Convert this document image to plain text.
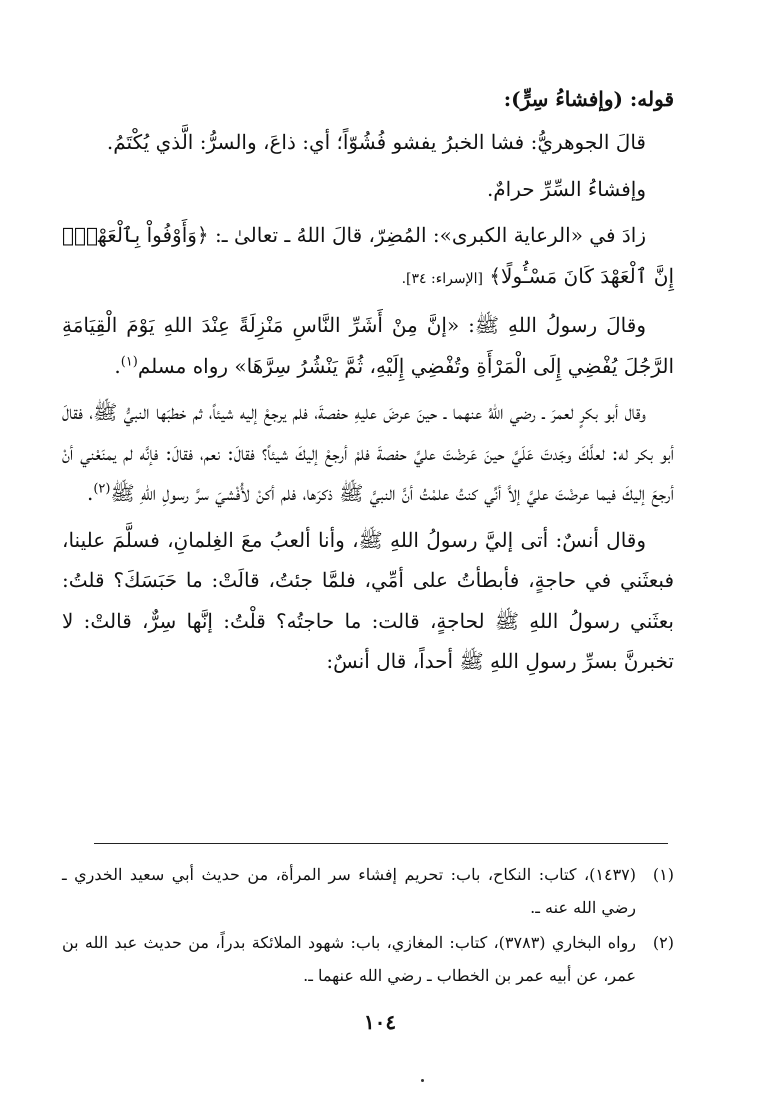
قوله: (وإفشاءُ سِرٍّ):

قالَ الجوهريُّ: فشا الخبرُ يفشو فُشُوّاً؛ أي: ذاعَ، والسرُّ: الَّذي يُكْتَمُ.

وإفشاءُ السِّرِّ حرامٌ.

زادَ في «الرعاية الكبرى»: المُضِرّ، قالَ اللهُ ـ تعالىٰ ـ: ﴿وَأَوْفُواْ بِٱلْعَهْدِۖ إِنَّ ٱلْعَهْدَ كَانَ مَسْـُٔولًا﴾ [الإسراء: ٣٤].

وقالَ رسولُ اللهِ ﷺ: «إنَّ مِنْ أَشَرِّ النَّاسِ مَنْزِلَةً عِنْدَ اللهِ يَوْمَ الْقِيَامَةِ الرَّجُلَ يُفْضِي إِلَى الْمَرْأَةِ وتُفْضِي إِلَيْهِ، ثُمَّ يَنْشُرُ سِرَّهَا» رواه مسلم$^{(١)}$.

وقال أبو بكرٍ لعمرَ ـ رضي اللهُ عنهما ـ حينَ عرضَ عليهِ حفصةَ، فلم يرجعْ إليه شيئاً، ثم خطبَها النبيُّ ﷺ، فقالَ أبو بكر له: لعلَّكَ وجَدتَ عَلَيَّ حينَ عَرضْتَ عليَّ حفصةَ فلمْ أرجعْ إليكَ شيئاً؟ فقالَ: نعم، فقالَ: فإنَّه لم يمنَعْني أنْ أرجعَ إليكَ فيما عرضْتَ عليَّ إلاَّ أنِّي كنتُ علمْتُ أنَّ النبيَّ ﷺ ذكرَها، فلم أكنْ لأُفْشيَ سرَّ رسولِ اللهِ ﷺ$^{(٢)}$.

وقال أنسٌ: أتى إليَّ رسولُ اللهِ ﷺ، وأنا ألعبُ معَ الغِلمانِ، فسلَّمَ علينا، فبعثَني في حاجةٍ، فأبطأتُ على أمِّي، فلمَّا جئتُ، قالَتْ: ما حَبَسَكَ؟ قلتُ: بعثَني رسولُ اللهِ ﷺ لحاجةٍ، قالت: ما حاجتُه؟ قلْتُ: إنَّها سِرٌّ، قالتْ: لا تخبرنَّ بسرِّ رسولِ اللهِ ﷺ أحداً، قال أنسٌ:

(١)
(١٤٣٧)، كتاب: النكاح، باب: تحريم إفشاء سر المرأة، من حديث أبي سعيد الخدري ـ رضي الله عنه ـ.
(٢)
رواه البخاري (٣٧٨٣)، كتاب: المغازي، باب: شهود الملائكة بدراً، من حديث عبد الله بن عمر، عن أبيه عمر بن الخطاب ـ رضي الله عنهما ـ.
١٠٤
